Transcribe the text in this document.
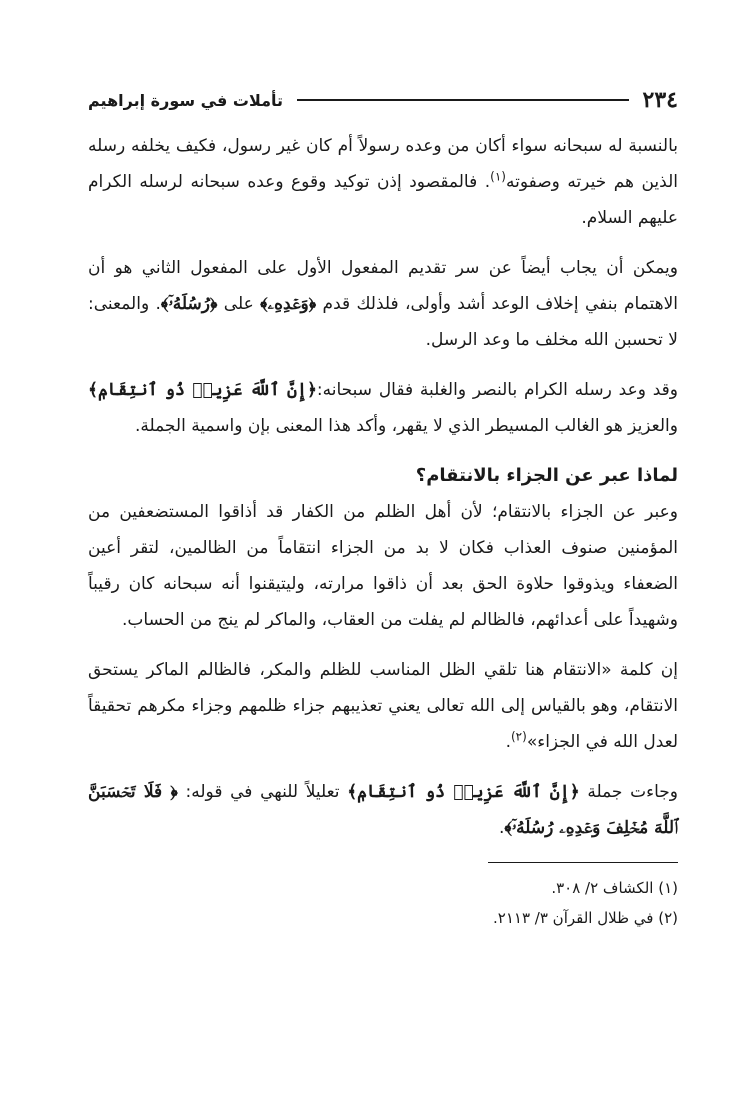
٢٣٤
تأملات في سورة إبراهيم

بالنسبة له سبحانه سواء أكان من وعده رسولاً أم كان غير رسول، فكيف يخلفه رسله الذين هم خيرته وصفوته$^{(١)}$. فالمقصود إذن توكيد وقوع وعده سبحانه لرسله الكرام عليهم السلام.

ويمكن أن يجاب أيضاً عن سر تقديم المفعول الأول على المفعول الثاني هو أن الاهتمام بنفي إخلاف الوعد أشد وأولى، فلذلك قدم ﴿وَعۡدِهِۦ﴾ على ﴿رُسُلَهُۥٓ﴾. والمعنى: لا تحسبن الله مخلف ما وعد الرسل.

وقد وعد رسله الكرام بالنصر والغلبة فقال سبحانه:﴿إِنَّ ٱللَّهَ عَزِيزٞ ذُو ٱنتِقَامٖ﴾ والعزيز هو الغالب المسيطر الذي لا يقهر، وأكد هذا المعنى بإن واسمية الجملة.

لماذا عبر عن الجزاء بالانتقام؟

وعبر عن الجزاء بالانتقام؛ لأن أهل الظلم من الكفار قد أذاقوا المستضعفين من المؤمنين صنوف العذاب فكان لا بد من الجزاء انتقاماً من الظالمين، لتقر أعين الضعفاء ويذوقوا حلاوة الحق بعد أن ذاقوا مرارته، وليتيقنوا أنه سبحانه كان رقيباً وشهيداً على أعدائهم، فالظالم لم يفلت من العقاب، والماكر لم ينج من الحساب.

إن كلمة «الانتقام هنا تلقي الظل المناسب للظلم والمكر، فالظالم الماكر يستحق الانتقام، وهو بالقياس إلى الله تعالى يعني تعذيبهم جزاء ظلمهم وجزاء مكرهم تحقيقاً لعدل الله في الجزاء»$^{(٢)}$.

وجاءت جملة ﴿إِنَّ ٱللَّهَ عَزِيزٞ ذُو ٱنتِقَامٖ﴾ تعليلاً للنهي في قوله: ﴿ فَلَا تَحۡسَبَنَّ ٱللَّهَ مُخۡلِفَ وَعۡدِهِۦ رُسُلَهُۥٓ﴾.

(١) الكشاف ٢/ ٣٠٨.

(٢) في ظلال القرآن ٣/ ٢١١٣.
